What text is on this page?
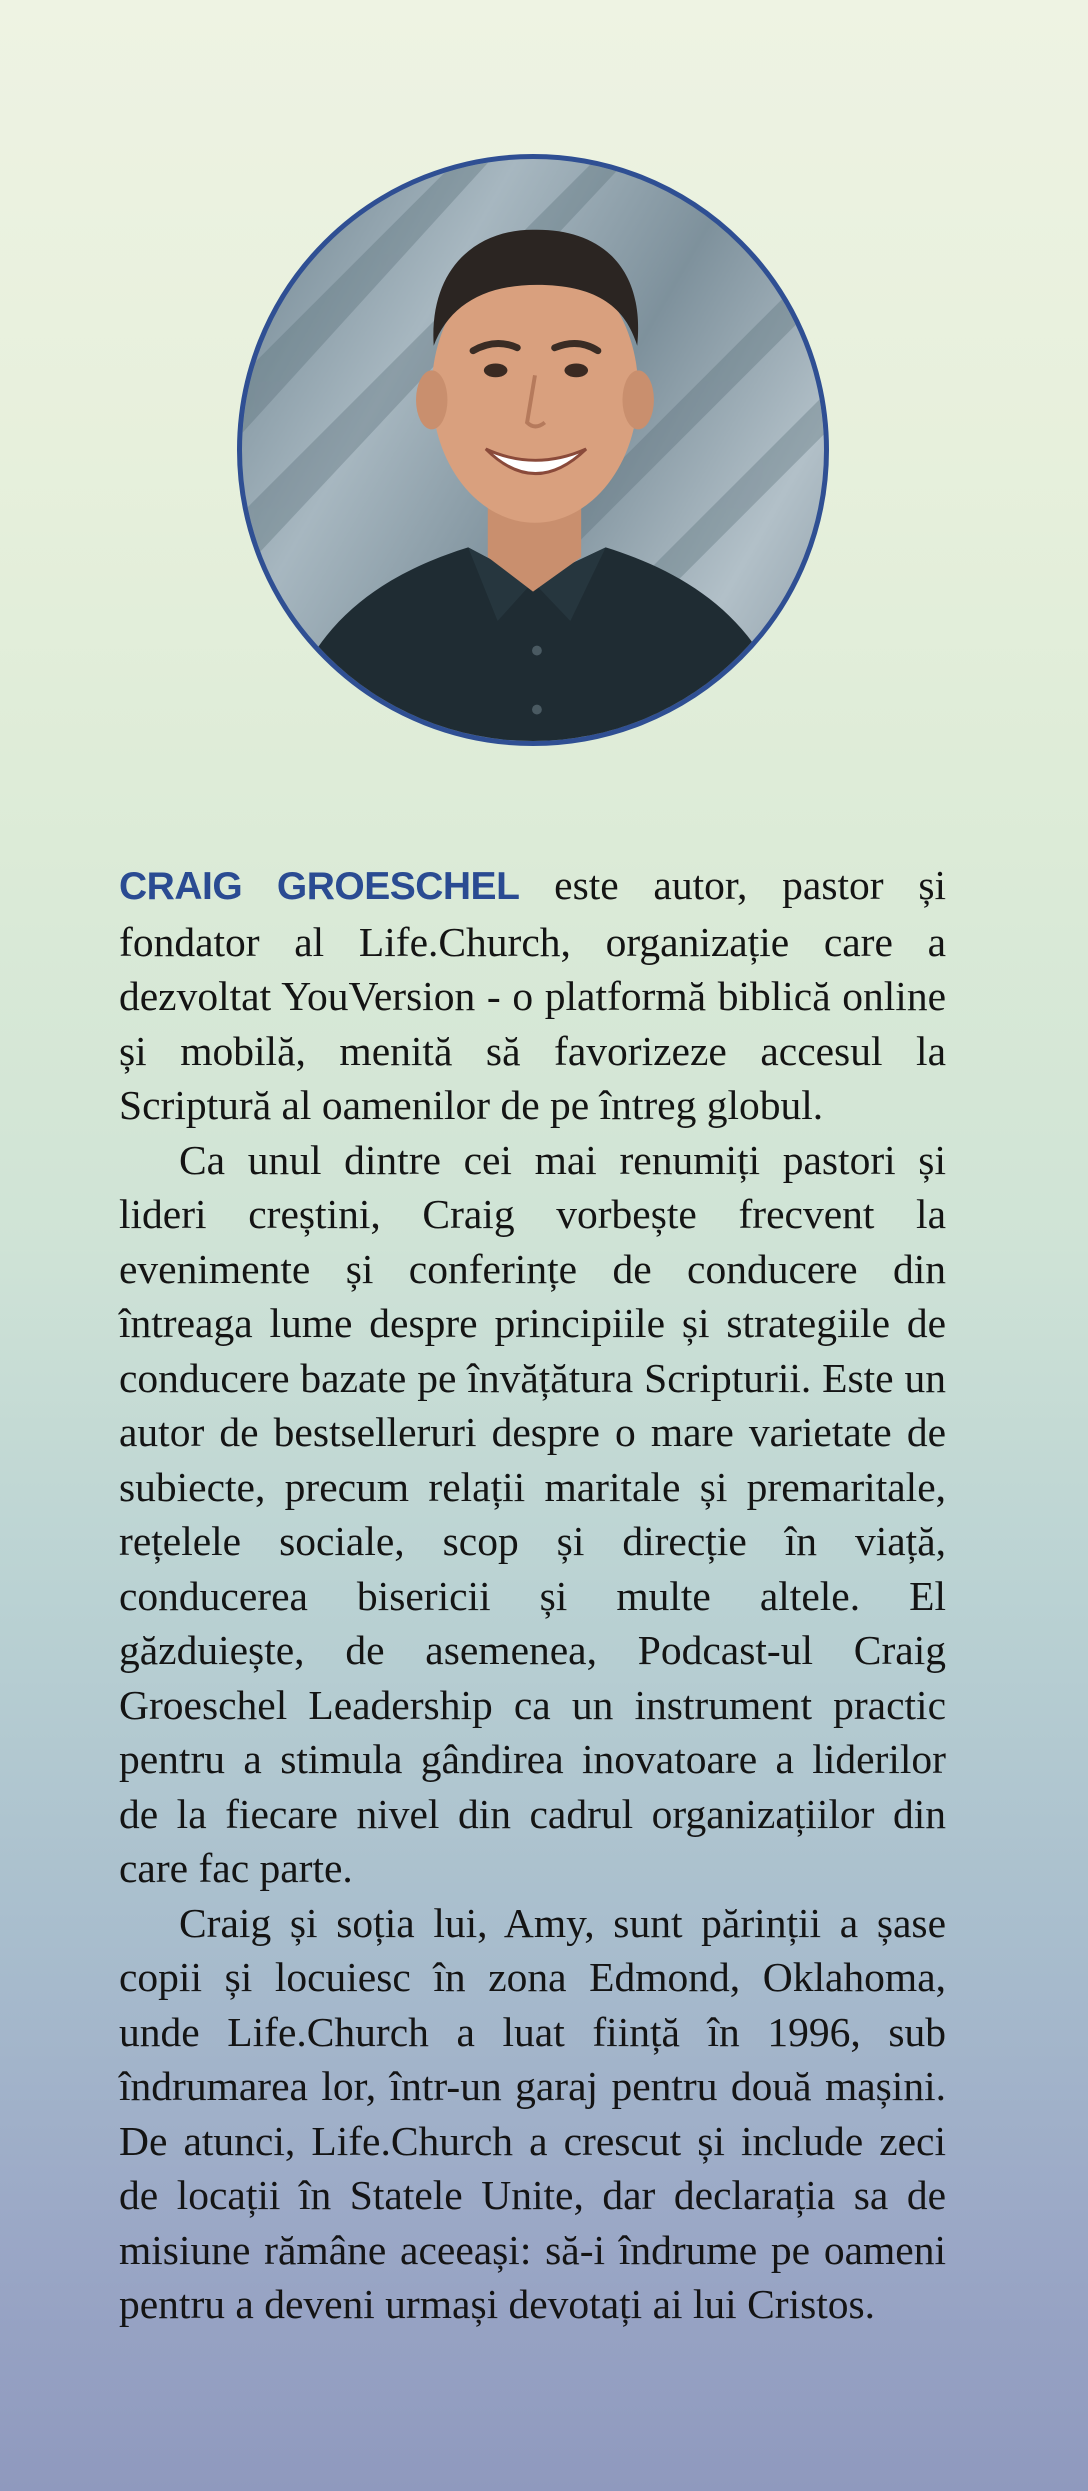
CRAIG GROESCHEL este autor, pastor și fondator al Life.Church, organizație care a dezvoltat YouVersion - o platformă biblică online și mobilă, menită să favorizeze accesul la Scriptură al oamenilor de pe întreg globul.

Ca unul dintre cei mai renumiți pastori și lideri creștini, Craig vorbește frecvent la evenimente și conferințe de conducere din întreaga lume despre principiile și strategiile de conducere bazate pe învățătura Scripturii. Este un autor de bestselleruri despre o mare varietate de subiecte, precum relații maritale și premaritale, rețelele sociale, scop și direcție în viață, conducerea bisericii și multe altele. El găzduiește, de asemenea, Podcast-ul Craig Groeschel Leadership ca un instrument practic pentru a stimula gândirea inovatoare a liderilor de la fiecare nivel din cadrul organizațiilor din care fac parte.

Craig și soția lui, Amy, sunt părinții a șase copii și locuiesc în zona Edmond, Oklahoma, unde Life.Church a luat ființă în 1996, sub îndrumarea lor, într-un garaj pentru două mașini. De atunci, Life.Church a crescut și include zeci de locații în Statele Unite, dar declarația sa de misiune rămâne aceeași: să-i îndrume pe oameni pentru a deveni urmași devotați ai lui Cristos.
